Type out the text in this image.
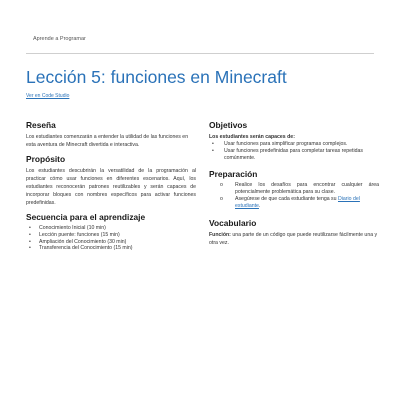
Aprende a Programar
Lección 5: funciones en Minecraft
Ver en Code Studio
Reseña

Los estudiantes comenzarán a entender la utilidad de las funciones en esta aventura de Minecraft divertida e interactiva.

Propósito

Los estudiantes descubrirán la versatilidad de la programación al practicar cómo usar funciones en diferentes escenarios. Aquí, los estudiantes reconocerán patrones reutilizables y serán capaces de incorporar bloques con nombres específicos para activar funciones predefinidas.

Secuencia para el aprendizaje
• Conocimiento Inicial (10 min)
• Lección puente: funciones (15 min)
• Ampliación del Conocimiento (30 min)
• Transferencia del Conocimiento (15 min)
Objetivos

Los estudiantes serán capaces de:

• Usar funciones para simplificar programas complejos.
• Usar funciones predefinidas para completar tareas repetidas comúnmente.
Preparación
o Realice los desafíos para encontrar cualquier área potencialmente problemática para su clase.
o Asegúrese de que cada estudiante tenga su Diario del estudiante.
Vocabulario

Función: una parte de un código que puede reutilizarse fácilmente una y otra vez.
